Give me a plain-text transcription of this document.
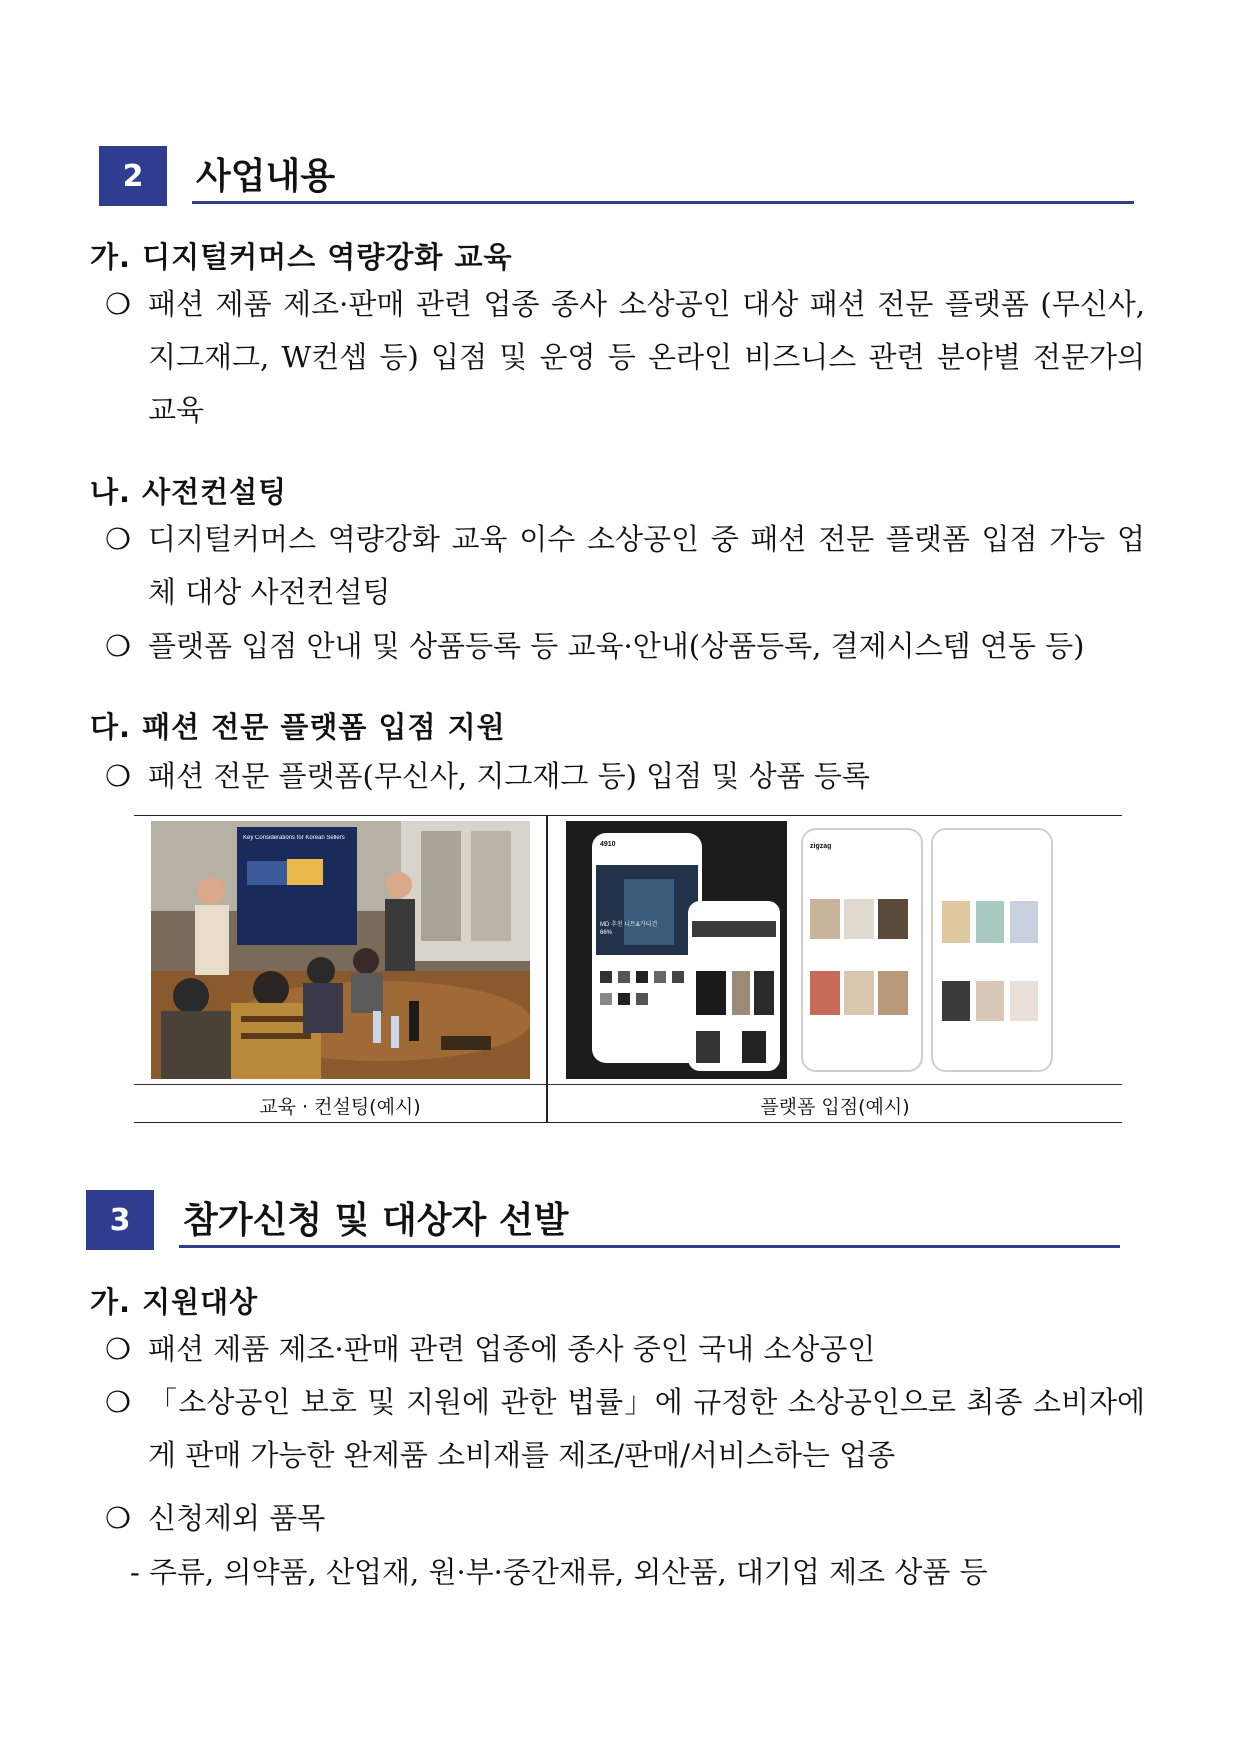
2	사업내용
가. 디지털커머스 역량강화 교육
❍ 패션 제품 제조·판매 관련 업종 종사 소상공인 대상 패션 전문 플랫폼 (무신사, 지그재그, W컨셉 등) 입점 및 운영 등 온라인 비즈니스 관련 분야별 전문가의 교육
나. 사전컨설팅
❍ 디지털커머스 역량강화 교육 이수 소상공인 중 패션 전문 플랫폼 입점 가능 업체 대상 사전컨설팅
❍ 플랫폼 입점 안내 및 상품등록 등 교육·안내(상품등록, 결제시스템 연동 등)
다. 패션 전문 플랫폼 입점 지원
❍ 패션 전문 플랫폼(무신사, 지그재그 등) 입점 및 상품 등록
Key Considerations for Korean Sellers
4910
MD 추천 니트&가디건 66%
zigzag
교육 · 컨설팅(예시)	플랫폼 입점(예시)
3	참가신청 및 대상자 선발
가. 지원대상
❍ 패션 제품 제조·판매 관련 업종에 종사 중인 국내 소상공인
❍ 「소상공인 보호 및 지원에 관한 법률」에 규정한 소상공인으로 최종 소비자에게 판매 가능한 완제품 소비재를 제조/판매/서비스하는 업종
❍ 신청제외 품목
- 주류, 의약품, 산업재, 원·부·중간재류, 외산품, 대기업 제조 상품 등
